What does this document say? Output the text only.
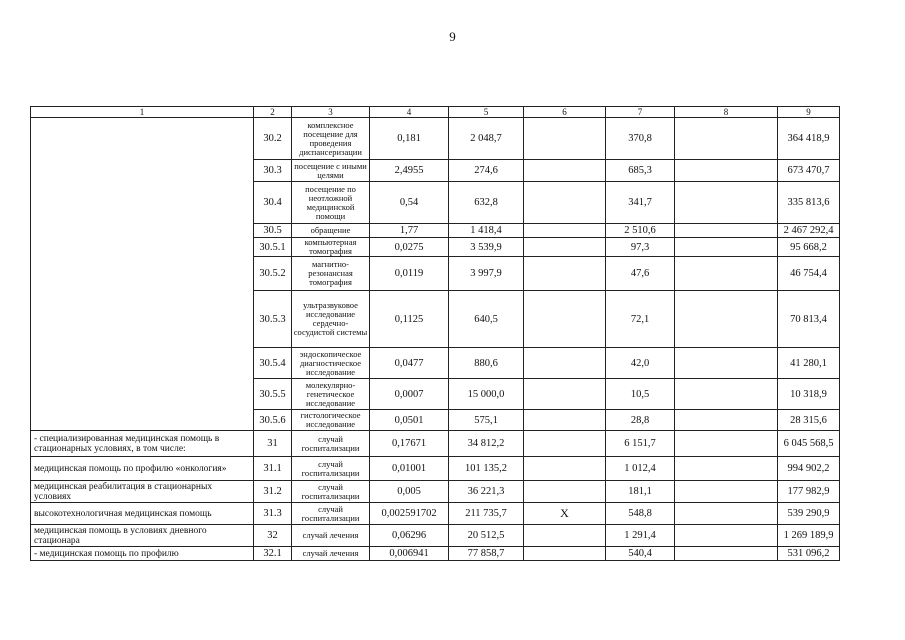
9
1	2	3	4	5	6	7	8	9	
	30.2	комплексное посещение для проведения диспансеризации	0,181	2 048,7		370,8		364 418,9	
	30.3	посещение с иными целями	2,4955	274,6		685,3		673 470,7	
	30.4	посещение по неотложной медицинской помощи	0,54	632,8		341,7		335 813,6	
	30.5	обращение	1,77	1 418,4		2 510,6		2 467 292,4	
	30.5.1	компьютерная томография	0,0275	3 539,9		97,3		95 668,2	
	30.5.2	магнитно-резонансная томография	0,0119	3 997,9		47,6		46 754,4	
	30.5.3	ультразвуковое исследование сердечно-сосудистой системы	0,1125	640,5		72,1		70 813,4	
	30.5.4	эндоскопическое диагностическое исследование	0,0477	880,6		42,0		41 280,1	
	30.5.5	молекулярно-генетическое исследование	0,0007	15 000,0		10,5		10 318,9	
	30.5.6	гистологическое исследование	0,0501	575,1		28,8		28 315,6	
- специализированная медицинская помощь в стационарных условиях, в том числе:	31	случай госпитализации	0,17671	34 812,2		6 151,7		6 045 568,5	
медицинская помощь по профилю «онкология»	31.1	случай госпитализации	0,01001	101 135,2		1 012,4		994 902,2	
медицинская реабилитация в стационарных условиях	31.2	случай госпитализации	0,005	36 221,3		181,1		177 982,9	
высокотехнологичная медицинская помощь	31.3	случай госпитализации	0,002591702	211 735,7	X	548,8		539 290,9	
медицинская помощь в условиях дневного стационара	32	случай лечения	0,06296	20 512,5		1 291,4		1 269 189,9	
- медицинская помощь по профилю	32.1	случай лечения	0,006941	77 858,7		540,4		531 096,2	
